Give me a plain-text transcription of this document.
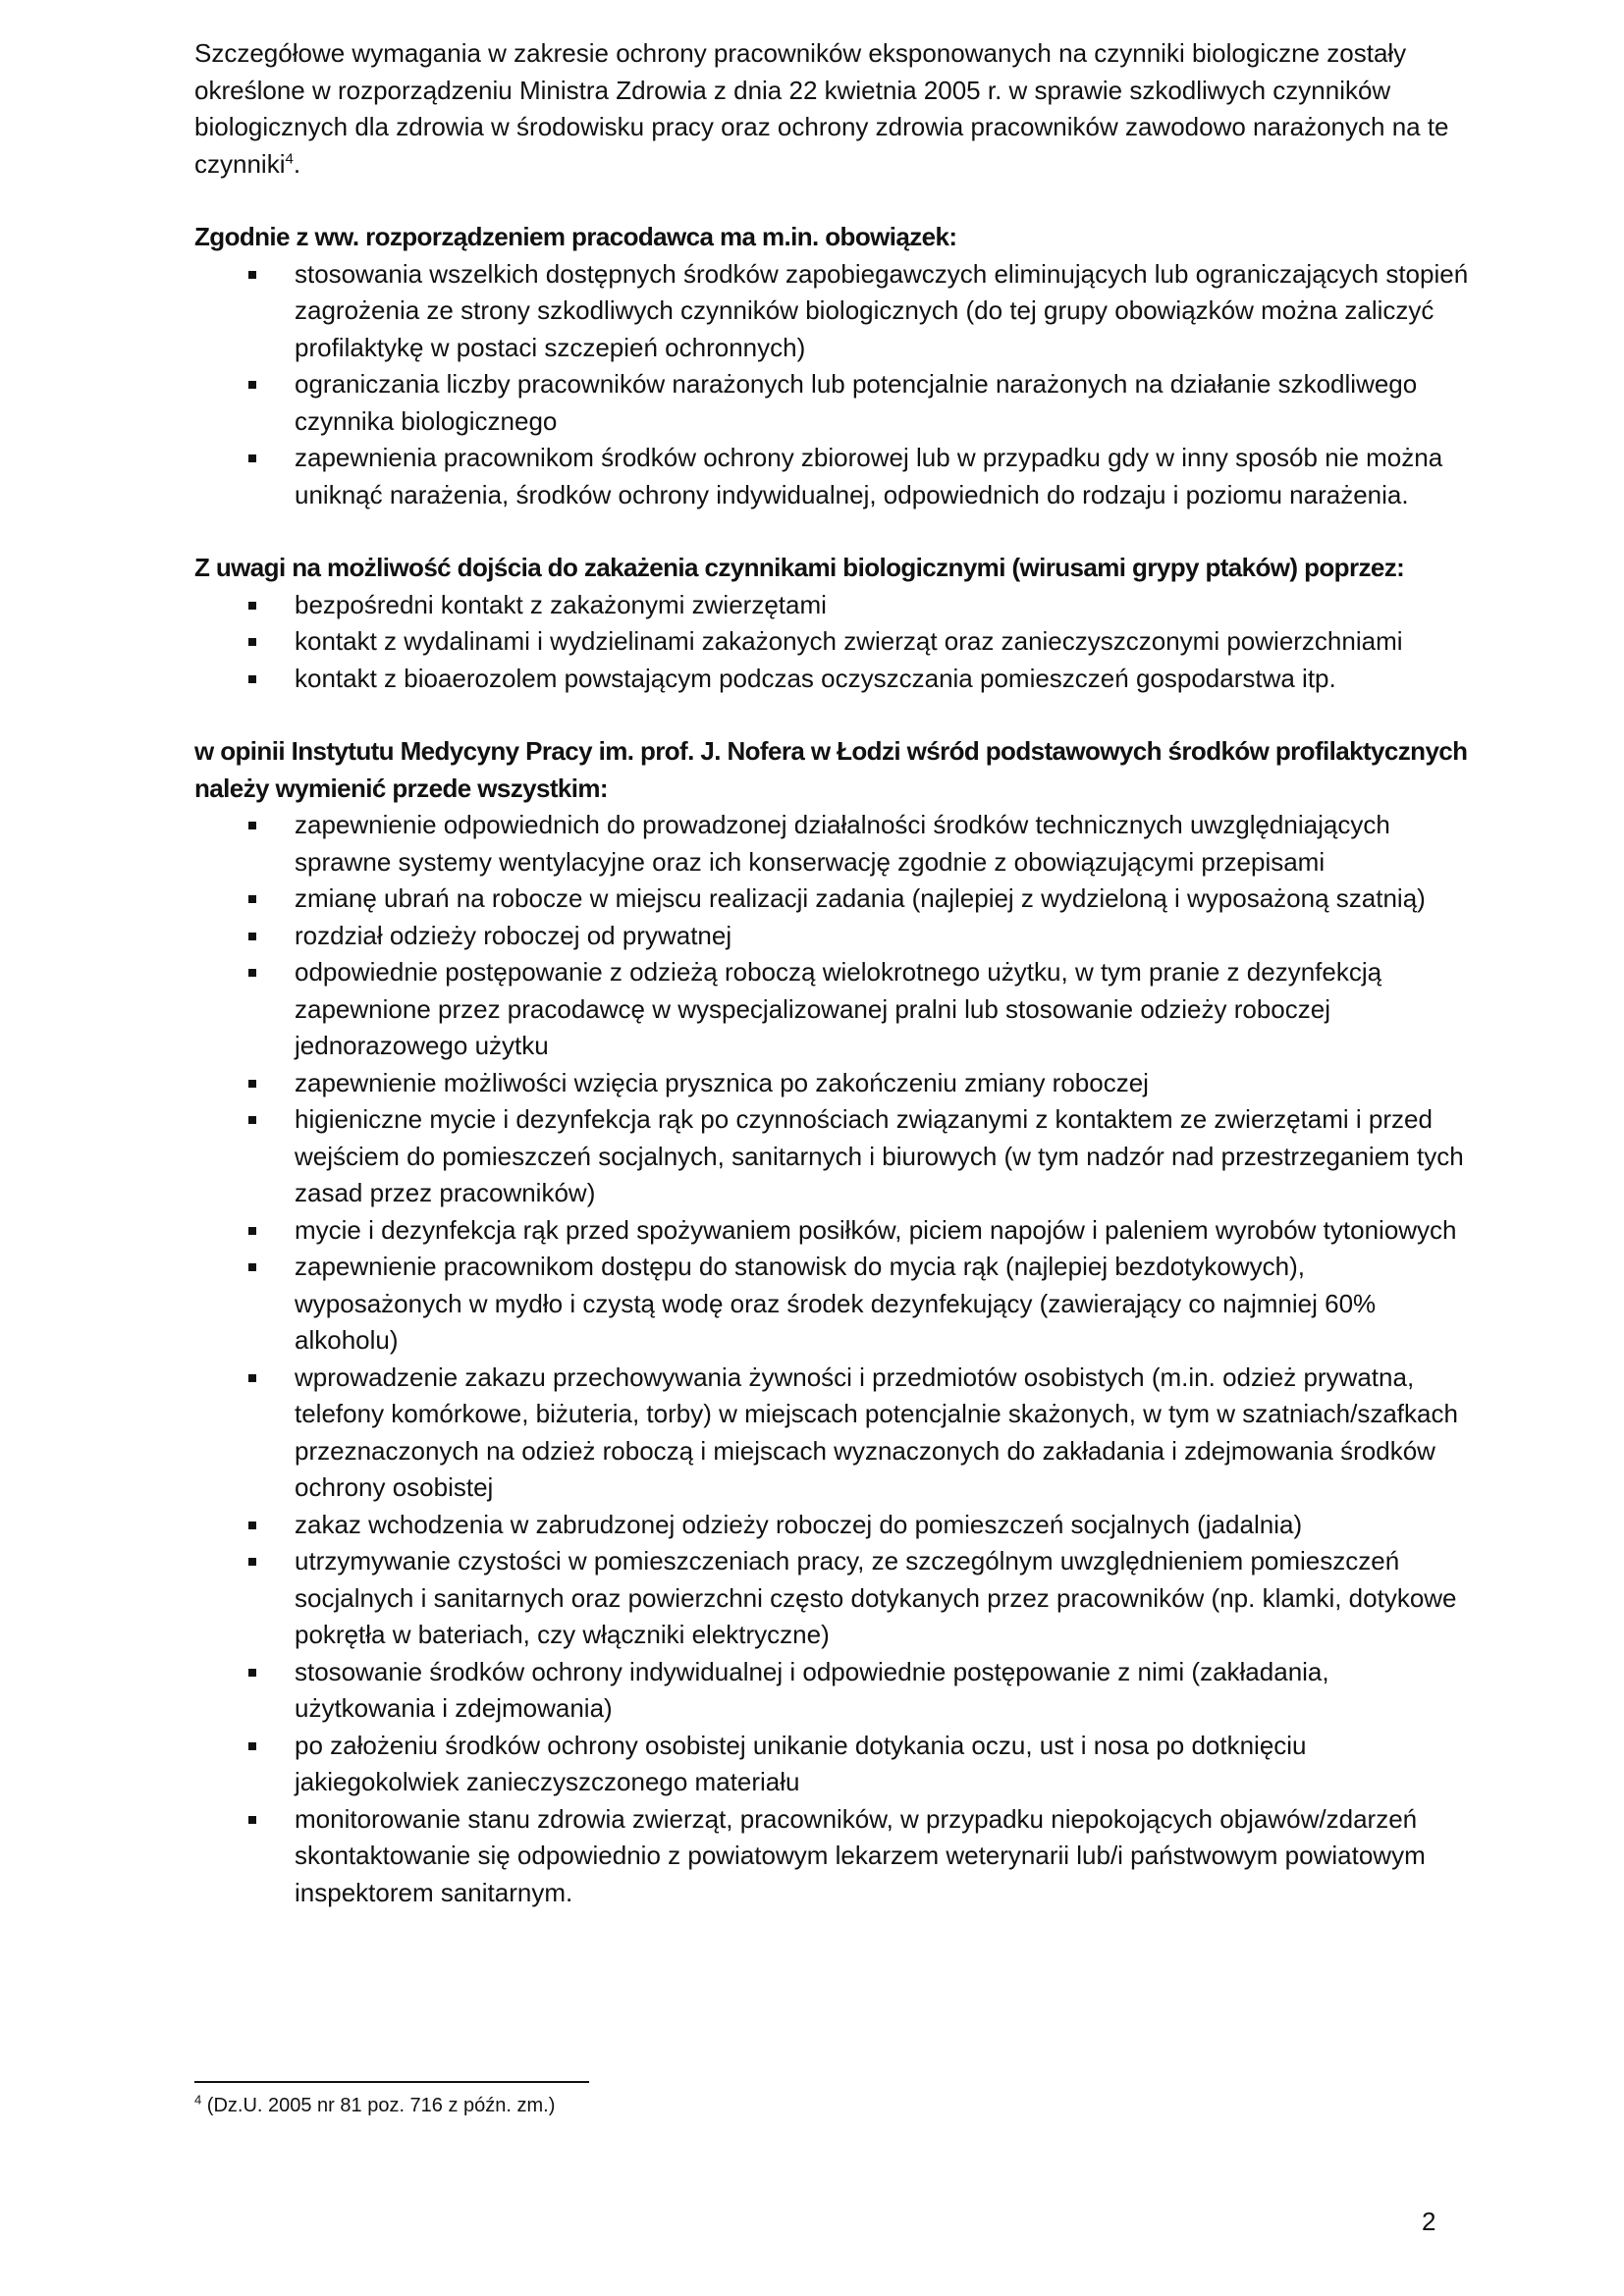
Szczegółowe wymagania w zakresie ochrony pracowników eksponowanych na czynniki biologiczne zostały określone w rozporządzeniu Ministra Zdrowia z dnia 22 kwietnia 2005 r. w sprawie szkodliwych czynników biologicznych dla zdrowia w środowisku pracy oraz ochrony zdrowia pracowników zawodowo narażonych na te czynniki$^4$.

Zgodnie z ww. rozporządzeniem pracodawca ma m.in. obowiązek:

stosowania wszelkich dostępnych środków zapobiegawczych eliminujących lub ograniczających stopień zagrożenia ze strony szkodliwych czynników biologicznych (do tej grupy obowiązków można zaliczyć profilaktykę w postaci szczepień ochronnych)
ograniczania liczby pracowników narażonych lub potencjalnie narażonych na działanie szkodliwego czynnika biologicznego
zapewnienia pracownikom środków ochrony zbiorowej lub w przypadku gdy w inny sposób nie można uniknąć narażenia, środków ochrony indywidualnej, odpowiednich do rodzaju i poziomu narażenia.

Z uwagi na możliwość dojścia do zakażenia czynnikami biologicznymi (wirusami grypy ptaków) poprzez:

bezpośredni kontakt z zakażonymi zwierzętami
kontakt z wydalinami i wydzielinami zakażonych zwierząt oraz zanieczyszczonymi powierzchniami
kontakt z bioaerozolem powstającym podczas oczyszczania pomieszczeń gospodarstwa itp.

w opinii Instytutu Medycyny Pracy im. prof. J. Nofera w Łodzi wśród podstawowych środków profilaktycznych należy wymienić przede wszystkim:

zapewnienie odpowiednich do prowadzonej działalności środków technicznych uwzględniających sprawne systemy wentylacyjne oraz ich konserwację zgodnie z obowiązującymi przepisami
zmianę ubrań na robocze w miejscu realizacji zadania (najlepiej z wydzieloną i wyposażoną szatnią)
rozdział odzieży roboczej od prywatnej
odpowiednie postępowanie z odzieżą roboczą wielokrotnego użytku, w tym pranie z dezynfekcją zapewnione przez pracodawcę w wyspecjalizowanej pralni lub stosowanie odzieży roboczej jednorazowego użytku
zapewnienie możliwości wzięcia prysznica po zakończeniu zmiany roboczej
higieniczne mycie i dezynfekcja rąk po czynnościach związanymi z kontaktem ze zwierzętami i przed wejściem do pomieszczeń socjalnych, sanitarnych i biurowych (w tym nadzór nad przestrzeganiem tych zasad przez pracowników)
mycie i dezynfekcja rąk przed spożywaniem posiłków, piciem napojów i paleniem wyrobów tytoniowych
zapewnienie pracownikom dostępu do stanowisk do mycia rąk (najlepiej bezdotykowych), wyposażonych w mydło i czystą wodę oraz środek dezynfekujący (zawierający co najmniej 60% alkoholu)
wprowadzenie zakazu przechowywania żywności i przedmiotów osobistych (m.in. odzież prywatna, telefony komórkowe, biżuteria, torby) w miejscach potencjalnie skażonych, w tym w szatniach/szafkach przeznaczonych na odzież roboczą i miejscach wyznaczonych do zakładania i zdejmowania środków ochrony osobistej
zakaz wchodzenia w zabrudzonej odzieży roboczej do pomieszczeń socjalnych (jadalnia)
utrzymywanie czystości w pomieszczeniach pracy, ze szczególnym uwzględnieniem pomieszczeń socjalnych i sanitarnych oraz powierzchni często dotykanych przez pracowników (np. klamki, dotykowe pokrętła w bateriach, czy włączniki elektryczne)
stosowanie środków ochrony indywidualnej i odpowiednie postępowanie z nimi (zakładania, użytkowania i zdejmowania)
po założeniu środków ochrony osobistej unikanie dotykania oczu, ust i nosa po dotknięciu jakiegokolwiek zanieczyszczonego materiału
monitorowanie stanu zdrowia zwierząt, pracowników, w przypadku niepokojących objawów/zdarzeń skontaktowanie się odpowiednio z powiatowym lekarzem weterynarii lub/i państwowym powiatowym inspektorem sanitarnym.
$^4$ (Dz.U. 2005 nr 81 poz. 716 z późn. zm.)
2
